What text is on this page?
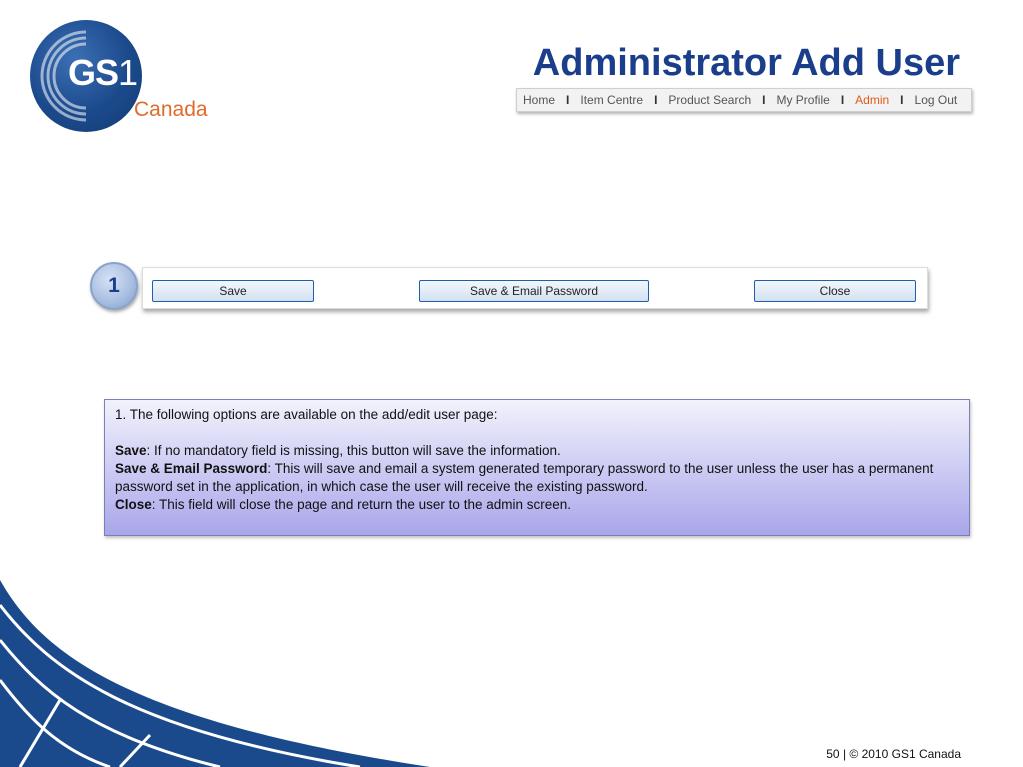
GS1
Canada
Administrator Add User
Home I Item Centre I Product Search I My Profile I Admin I Log Out
1	Save	Save & Email Password	Close

1. The following options are available on the add/edit user page:

Save: If no mandatory field is missing, this button will save the information.

Save & Email Password: This will save and email a system generated temporary password to the user unless the user has a permanent password set in the application, in which case the user will receive the existing password.

Close: This field will close the page and return the user to the admin screen.

50 | © 2010 GS1 Canada
